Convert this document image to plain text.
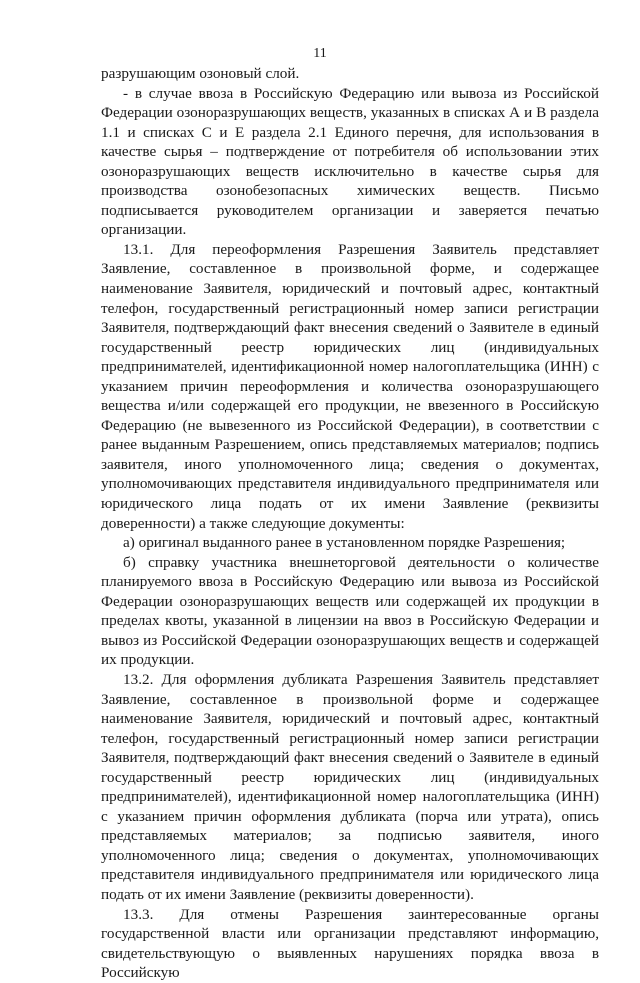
11

разрушающим озоновый слой.

- в случае ввоза в Российскую Федерацию или вывоза из Российской Федерации озоноразрушающих веществ, указанных в списках А и В раздела 1.1 и списках С и Е раздела 2.1 Единого перечня, для использования в качестве сырья – подтверждение от потребителя об использовании этих озоноразрушающих веществ исключительно в качестве сырья для производства озонобезопасных химических веществ. Письмо подписывается руководителем организации и заверяется печатью организации.

13.1. Для переоформления Разрешения Заявитель представляет Заявление, составленное в произвольной форме, и содержащее наименование Заявителя, юридический и почтовый адрес, контактный телефон, государственный регистрационный номер записи регистрации Заявителя, подтверждающий факт внесения сведений о Заявителе в единый государственный реестр юридических лиц (индивидуальных предпринимателей, идентификационной номер налогоплательщика (ИНН) с указанием причин переоформления и количества озоноразрушающего вещества и/или содержащей его продукции, не ввезенного в Российскую Федерацию (не вывезенного из Российской Федерации), в соответствии с ранее выданным Разрешением, опись представляемых материалов; подпись заявителя, иного уполномоченного лица; сведения о документах, уполномочивающих представителя индивидуального предпринимателя или юридического лица подать от их имени Заявление (реквизиты доверенности) а также следующие документы:

а) оригинал выданного ранее в установленном порядке Разрешения;

б) справку участника внешнеторговой деятельности о количестве планируемого ввоза в Российскую Федерацию или вывоза из Российской Федерации озоноразрушающих веществ или содержащей их продукции в пределах квоты, указанной в лицензии на ввоз в Российскую Федерации и вывоз из Российской Федерации озоноразрушающих веществ и содержащей их продукции.

13.2. Для оформления дубликата Разрешения Заявитель представляет Заявление, составленное в произвольной форме и содержащее наименование Заявителя, юридический и почтовый адрес, контактный телефон, государственный регистрационный номер записи регистрации Заявителя, подтверждающий факт внесения сведений о Заявителе в единый государственный реестр юридических лиц (индивидуальных предпринимателей), идентификационной номер налогоплательщика (ИНН) с указанием причин оформления дубликата (порча или утрата), опись представляемых материалов; за подписью заявителя, иного уполномоченного лица; сведения о документах, уполномочивающих представителя индивидуального предпринимателя или юридического лица подать от их имени Заявление (реквизиты доверенности).

13.3. Для отмены Разрешения заинтересованные органы государственной власти или организации представляют информацию, свидетельствующую о выявленных нарушениях порядка ввоза в Российскую
